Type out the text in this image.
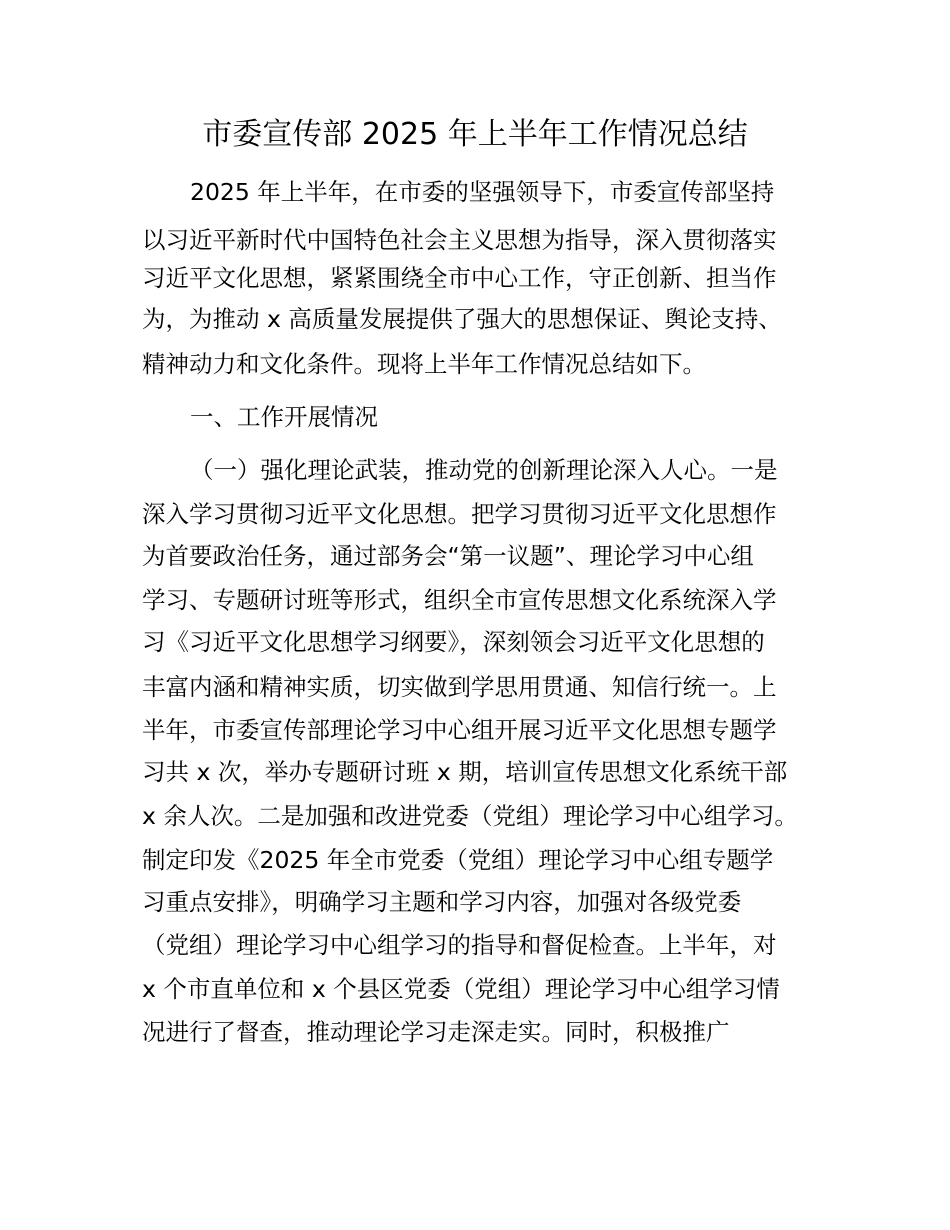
市委宣传部 2025 年上半年工作情况总结
2025 年上半年，在市委的坚强领导下，市委宣传部坚持
以习近平新时代中国特色社会主义思想为指导，深入贯彻落实
习近平文化思想，紧紧围绕全市中心工作，守正创新、担当作
为，为推动 x 高质量发展提供了强大的思想保证、舆论支持、
精神动力和文化条件。现将上半年工作情况总结如下。
一、工作开展情况
（一）强化理论武装，推动党的创新理论深入人心。一是
深入学习贯彻习近平文化思想。把学习贯彻习近平文化思想作
为首要政治任务，通过部务会“第一议题”、理论学习中心组
学习、专题研讨班等形式，组织全市宣传思想文化系统深入学
习《习近平文化思想学习纲要》，深刻领会习近平文化思想的
丰富内涵和精神实质，切实做到学思用贯通、知信行统一。上
半年，市委宣传部理论学习中心组开展习近平文化思想专题学
习共 x 次，举办专题研讨班 x 期，培训宣传思想文化系统干部
x 余人次。二是加强和改进党委（党组）理论学习中心组学习。
制定印发《2025 年全市党委（党组）理论学习中心组专题学
习重点安排》，明确学习主题和学习内容，加强对各级党委
（党组）理论学习中心组学习的指导和督促检查。上半年，对
x 个市直单位和 x 个县区党委（党组）理论学习中心组学习情
况进行了督查，推动理论学习走深走实。同时，积极推广
